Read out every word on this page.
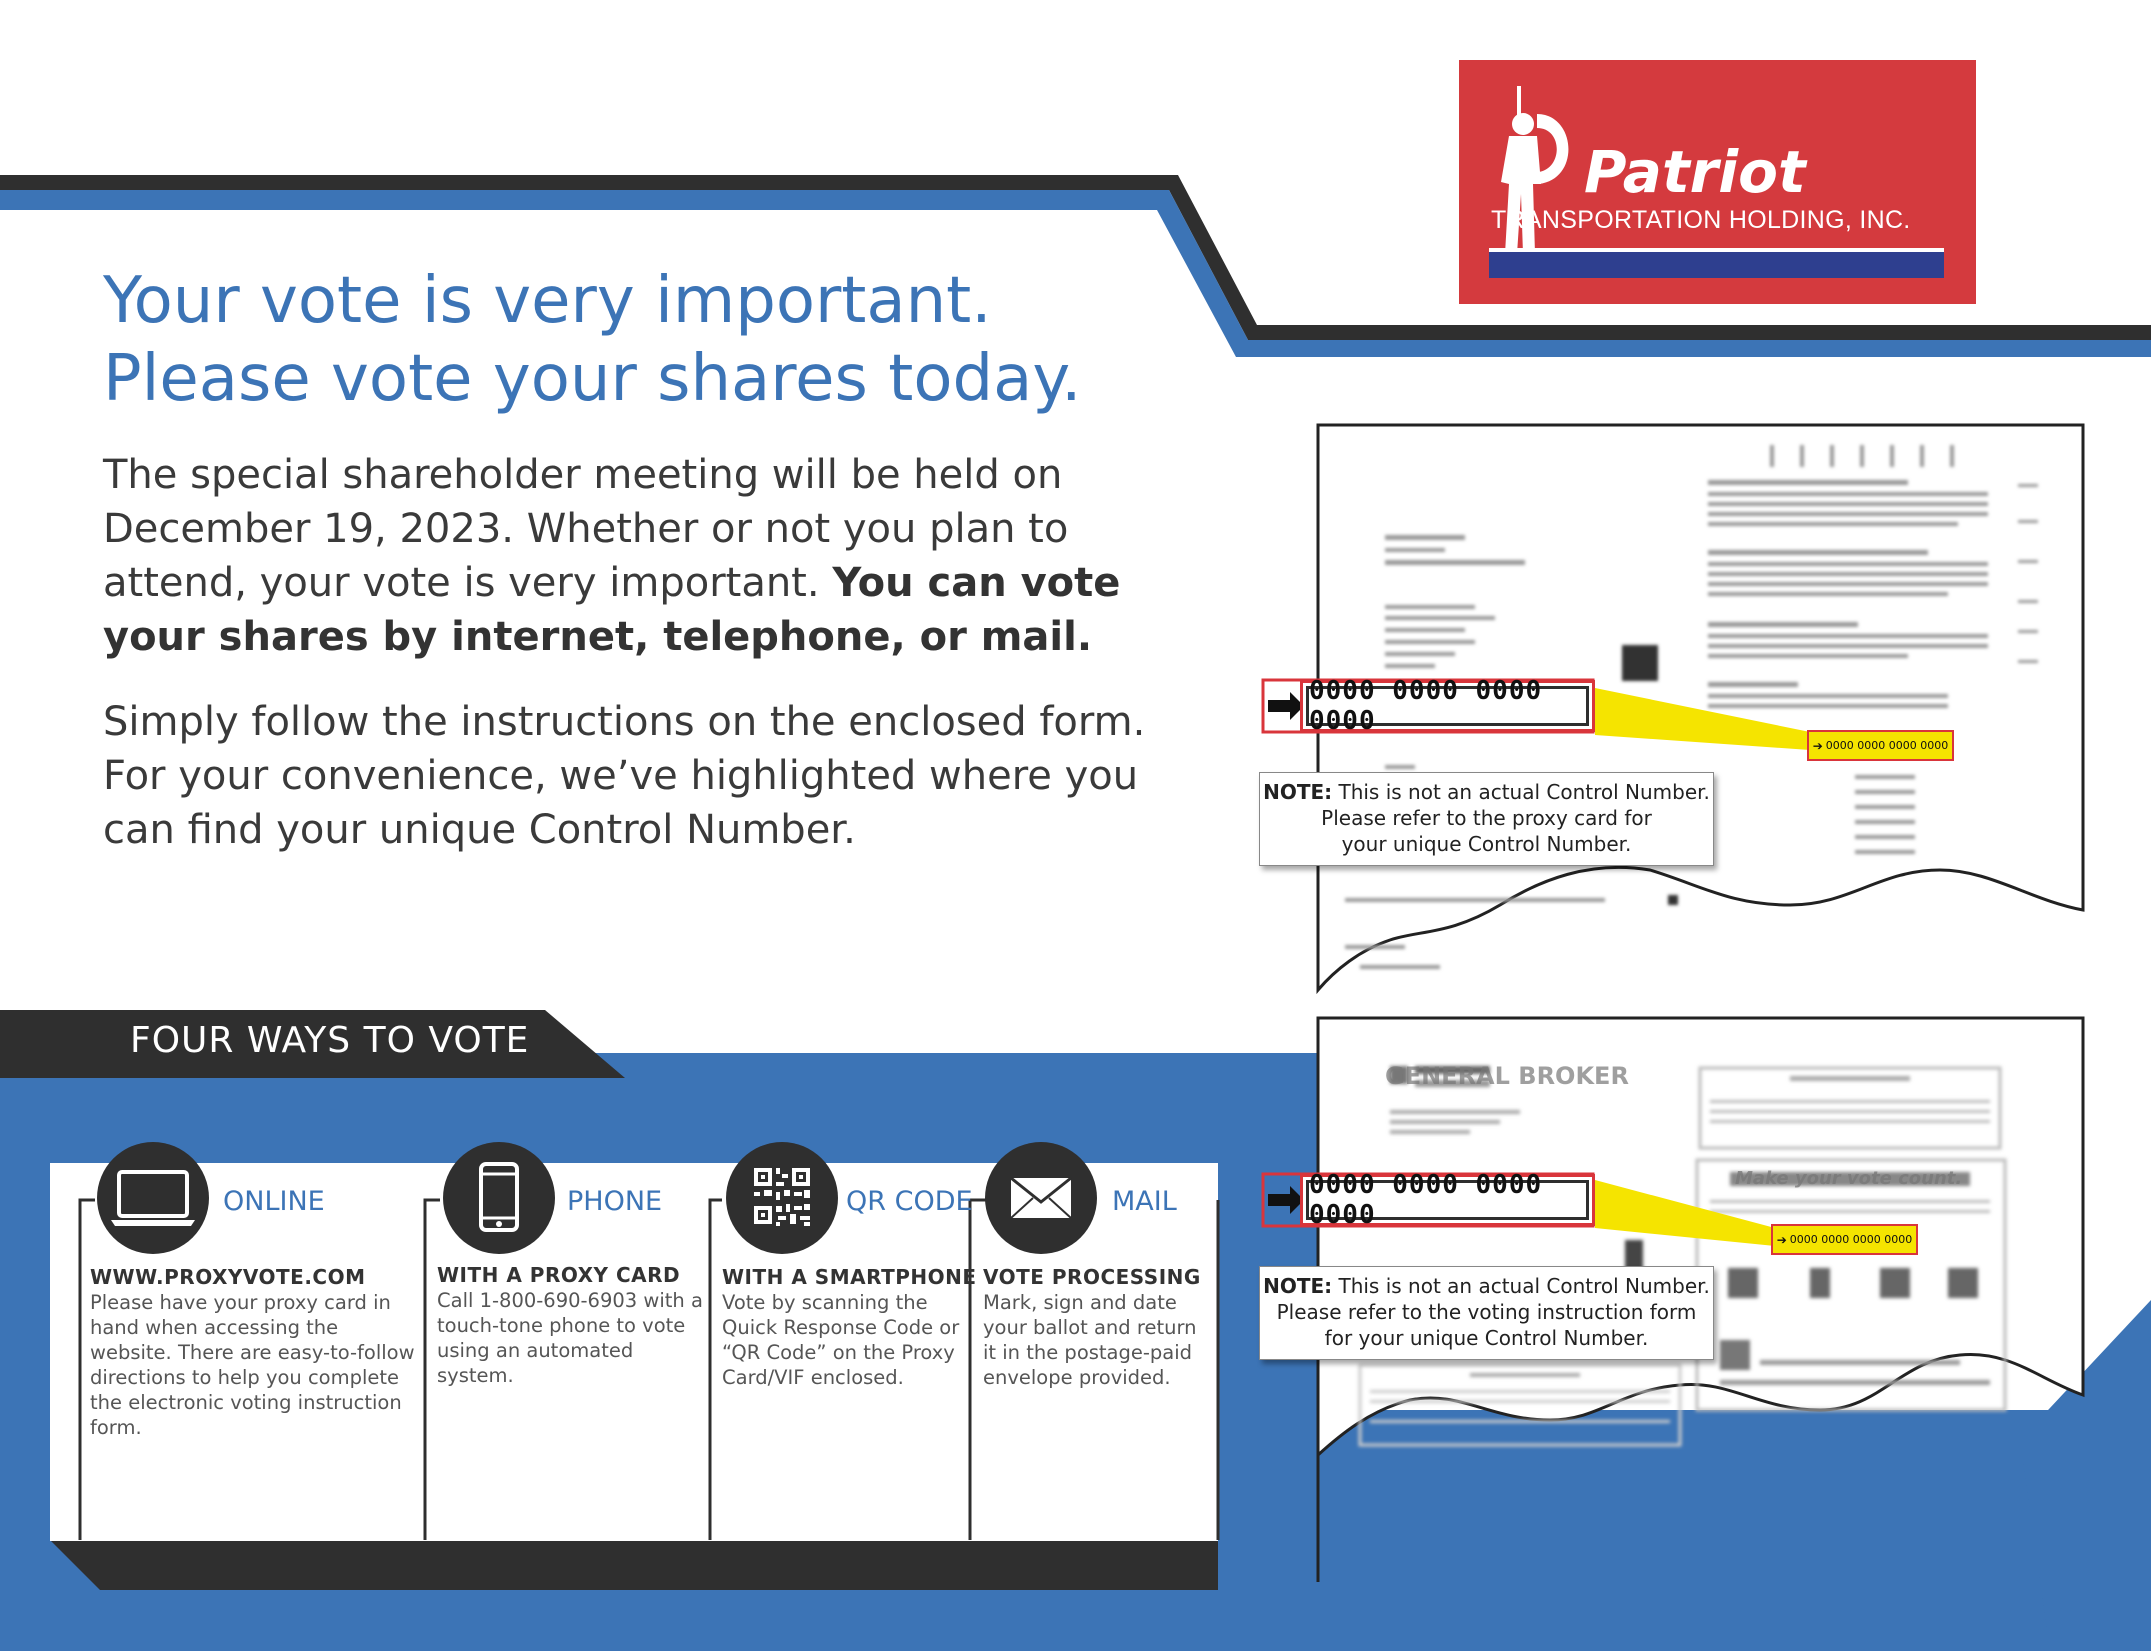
Patriot
TRANSPORTATION HOLDING, INC.
Your vote is very important.
Please vote your shares today.
The special shareholder meeting will be held on December 19, 2023. Whether or not you plan to attend, your vote is very important. You can vote your shares by internet, telephone, or mail.
Simply follow the instructions on the enclosed form. For your convenience, we’ve highlighted where you can find your unique Control Number.
FOUR WAYS TO VOTE
ONLINE
WWW.PROXYVOTE.COM
Please have your proxy card in hand when accessing the website. There are easy-to-follow directions to help you complete the electronic voting instruction form.
PHONE
WITH A PROXY CARD
Call 1-800-690-6903 with a touch-tone phone to vote using an automated system.
QR CODE
WITH A SMARTPHONE
Vote by scanning the Quick Response Code or “QR Code” on the Proxy Card/VIF enclosed.
MAIL
VOTE PROCESSING
Mark, sign and date your ballot and return it in the postage-paid envelope provided.
0000 0000 0000 0000
➔ 0000 0000 0000 0000
NOTE: This is not an actual Control Number.
Please refer to the proxy card for
your unique Control Number.
GENERAL BROKER
Make your vote count.
0000 0000 0000 0000
➔ 0000 0000 0000 0000
NOTE: This is not an actual Control Number.
Please refer to the voting instruction form
for your unique Control Number.
